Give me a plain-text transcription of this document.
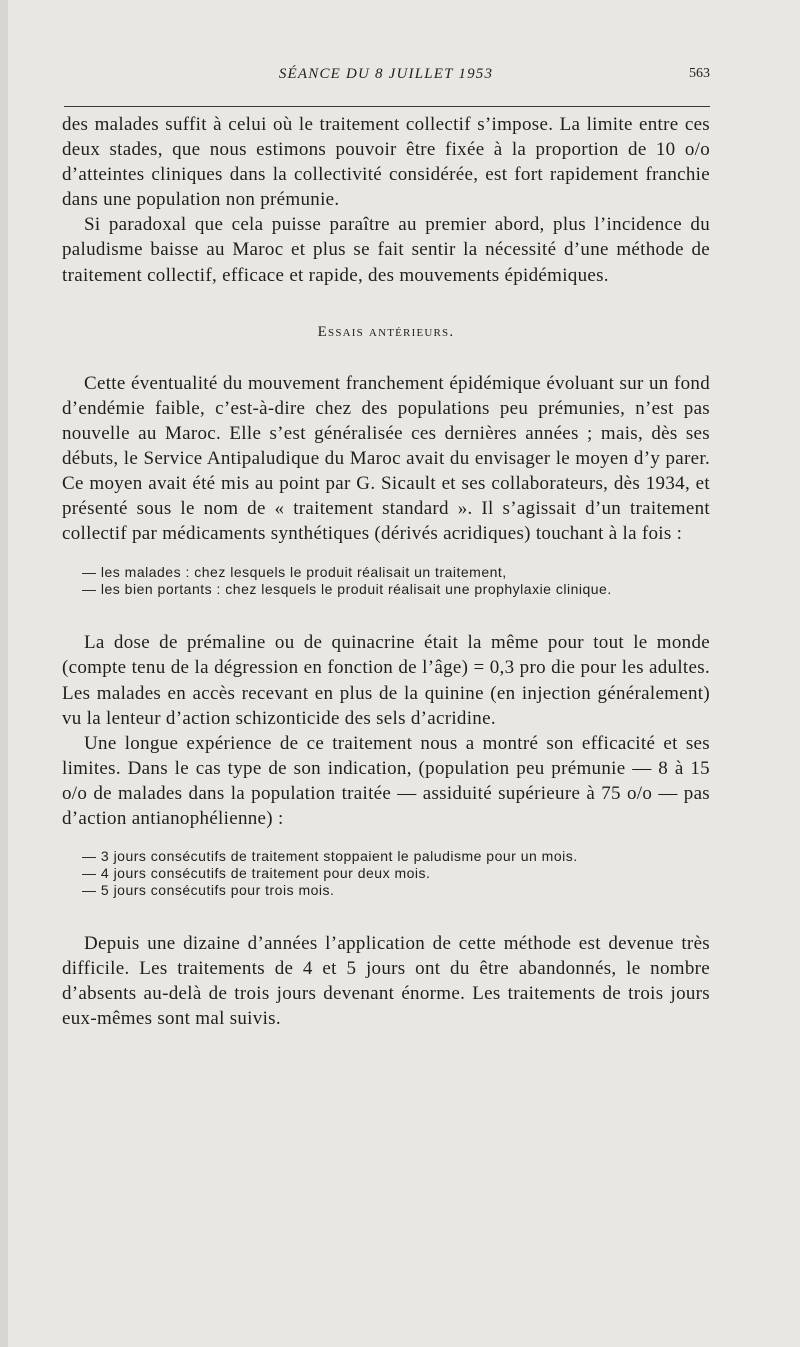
SÉANCE DU 8 JUILLET 1953	563

des malades suffit à celui où le traitement collectif s’impose. La limite entre ces deux stades, que nous estimons pouvoir être fixée à la proportion de 10 o/o d’atteintes cliniques dans la collectivité considérée, est fort rapidement franchie dans une population non prémunie.

Si paradoxal que cela puisse paraître au premier abord, plus l’incidence du paludisme baisse au Maroc et plus se fait sentir la nécessité d’une méthode de traitement collectif, efficace et rapide, des mouvements épidémiques.

Essais antérieurs.

Cette éventualité du mouvement franchement épidémique évoluant sur un fond d’endémie faible, c’est-à-dire chez des populations peu prémunies, n’est pas nouvelle au Maroc. Elle s’est généralisée ces dernières années ; mais, dès ses débuts, le Service Antipaludique du Maroc avait du envisager le moyen d’y parer. Ce moyen avait été mis au point par G. Sicault et ses collaborateurs, dès 1934, et présenté sous le nom de « traitement standard ». Il s’agissait d’un traitement collectif par médicaments synthétiques (dérivés acridiques) touchant à la fois :

— les malades : chez lesquels le produit réalisait un traitement,

— les bien portants : chez lesquels le produit réalisait une prophylaxie clinique.

La dose de prémaline ou de quinacrine était la même pour tout le monde (compte tenu de la dégression en fonction de l’âge) = 0,3 pro die pour les adultes. Les malades en accès recevant en plus de la quinine (en injection généralement) vu la lenteur d’action schizonticide des sels d’acridine.

Une longue expérience de ce traitement nous a montré son efficacité et ses limites. Dans le cas type de son indication, (population peu prémunie — 8 à 15 o/o de malades dans la population traitée — assiduité supérieure à 75 o/o — pas d’action antianophélienne) :

— 3 jours consécutifs de traitement stoppaient le paludisme pour un mois.

— 4 jours consécutifs de traitement pour deux mois.

— 5 jours consécutifs pour trois mois.

Depuis une dizaine d’années l’application de cette méthode est devenue très difficile. Les traitements de 4 et 5 jours ont du être abandonnés, le nombre d’absents au-delà de trois jours devenant énorme. Les traitements de trois jours eux-mêmes sont mal suivis.
